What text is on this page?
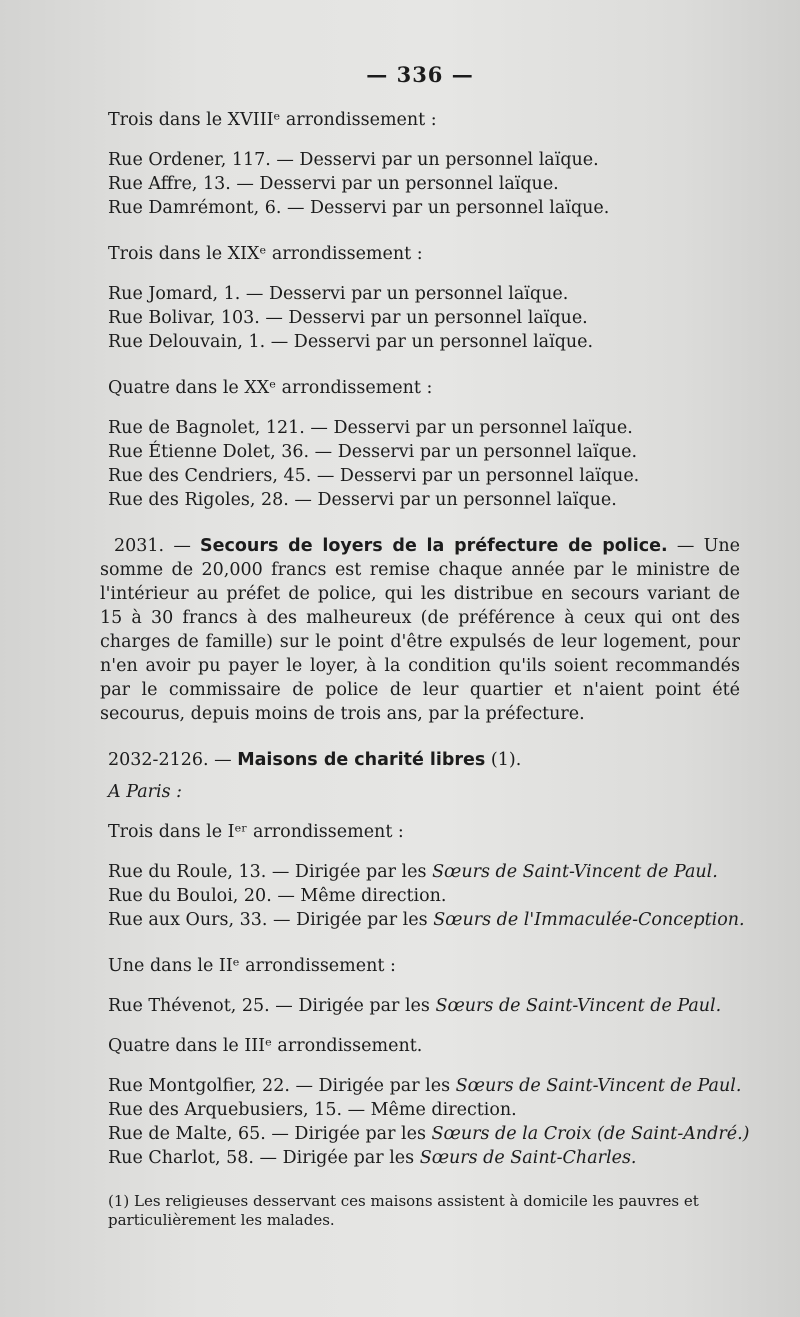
— 336 —
Trois dans le XVIIIᵉ arrondissement :
Rue Ordener, 117. — Desservi par un personnel laïque.
Rue Affre, 13. — Desservi par un personnel laïque.
Rue Damrémont, 6. — Desservi par un personnel laïque.
Trois dans le XIXᵉ arrondissement :
Rue Jomard, 1. — Desservi par un personnel laïque.
Rue Bolivar, 103. — Desservi par un personnel laïque.
Rue Delouvain, 1. — Desservi par un personnel laïque.
Quatre dans le XXᵉ arrondissement :
Rue de Bagnolet, 121. — Desservi par un personnel laïque.
Rue Étienne Dolet, 36. — Desservi par un personnel laïque.
Rue des Cendriers, 45. — Desservi par un personnel laïque.
Rue des Rigoles, 28. — Desservi par un personnel laïque.
2031. — Secours de loyers de la préfecture de police. — Une somme de 20,000 francs est remise chaque année par le ministre de l'intérieur au préfet de police, qui les distribue en secours variant de 15 à 30 francs à des malheureux (de préférence à ceux qui ont des charges de famille) sur le point d'être expulsés de leur logement, pour n'en avoir pu payer le loyer, à la condition qu'ils soient recommandés par le commissaire de police de leur quartier et n'aient point été secourus, depuis moins de trois ans, par la préfecture.
2032-2126. — Maisons de charité libres (1).
A Paris :
Trois dans le Iᵉʳ arrondissement :
Rue du Roule, 13. — Dirigée par les Sœurs de Saint-Vincent de Paul.
Rue du Bouloi, 20. — Même direction.
Rue aux Ours, 33. — Dirigée par les Sœurs de l'Immaculée-Conception.
Une dans le IIᵉ arrondissement :
Rue Thévenot, 25. — Dirigée par les Sœurs de Saint-Vincent de Paul.
Quatre dans le IIIᵉ arrondissement.
Rue Montgolfier, 22. — Dirigée par les Sœurs de Saint-Vincent de Paul.
Rue des Arquebusiers, 15. — Même direction.
Rue de Malte, 65. — Dirigée par les Sœurs de la Croix (de Saint-André.)
Rue Charlot, 58. — Dirigée par les Sœurs de Saint-Charles.
(1) Les religieuses desservant ces maisons assistent à domicile les pauvres et particulièrement les malades.
